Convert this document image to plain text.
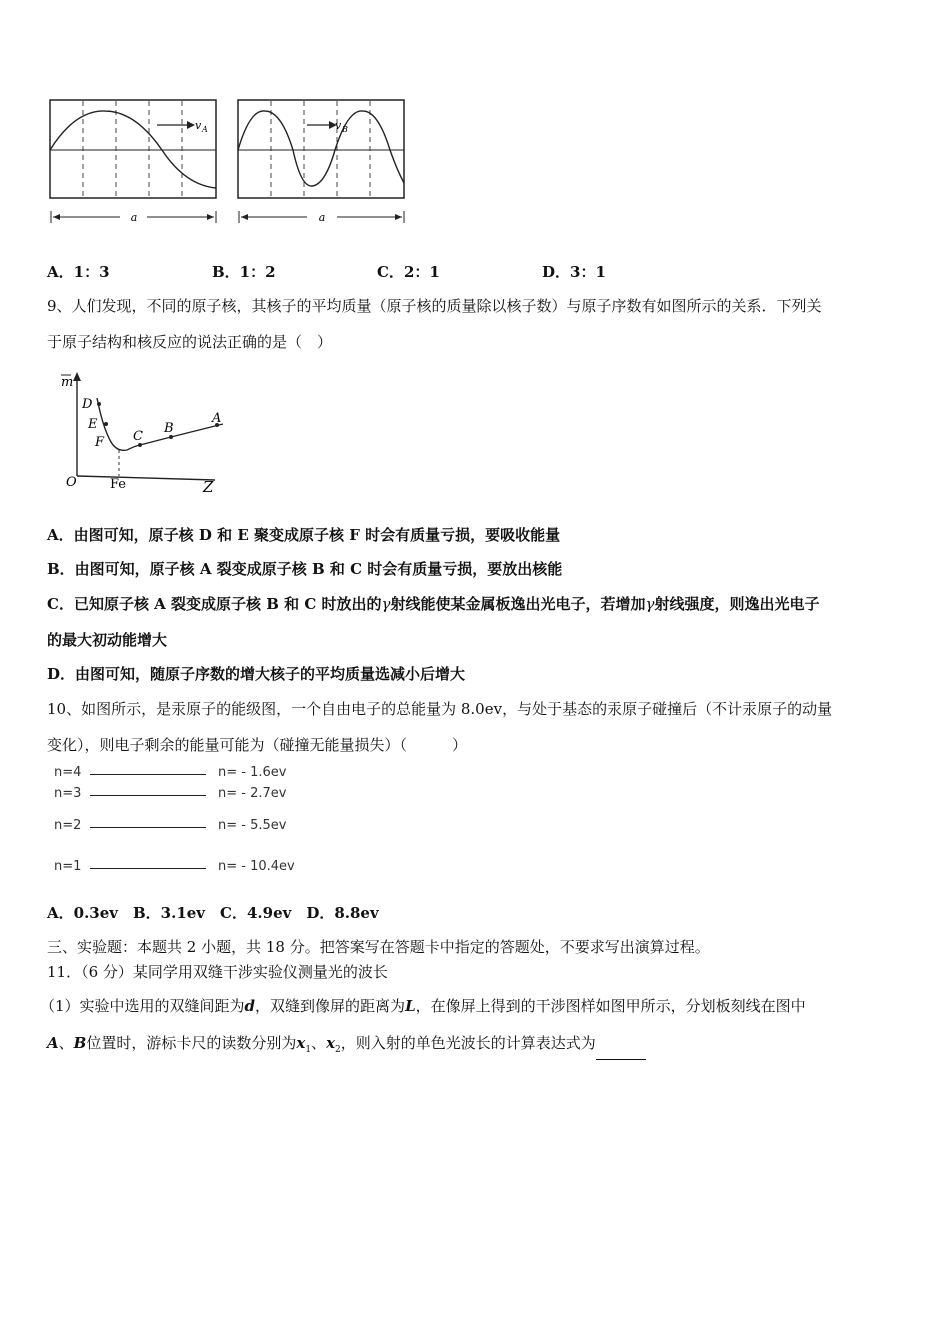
v A
a
v B
a
A．1：3	B．1：2	C．2：1	D．3：1
9、人们发现，不同的原子核，其核子的平均质量（原子核的质量除以核子数）与原子序数有如图所示的关系．下列关
于原子结构和核反应的说法正确的是（　）
m
Z
O	Fe
D
E
F C
B
A
A．由图可知，原子核 D 和 E 聚变成原子核 F 时会有质量亏损，要吸收能量
B．由图可知，原子核 A 裂变成原子核 B 和 C 时会有质量亏损，要放出核能
C．已知原子核 A 裂变成原子核 B 和 C 时放出的γ射线能使某金属板逸出光电子，若增加γ射线强度，则逸出光电子
的最大初动能增大
D．由图可知，随原子序数的增大核子的平均质量选减小后增大
10、如图所示，是汞原子的能级图，一个自由电子的总能量为 8.0ev，与处于基态的汞原子碰撞后（不计汞原子的动量
变化），则电子剩余的能量可能为（碰撞无能量损失）（　　　）
n=4	n= - 1.6ev
n=3	n= - 2.7ev
n=2	n= - 5.5ev
n=1	n= - 10.4ev
A．0.3ev　B．3.1ev　C．4.9ev　D．8.8ev
三、实验题：本题共 2 小题，共 18 分。把答案写在答题卡中指定的答题处，不要求写出演算过程。
11．（6 分）某同学用双缝干涉实验仪测量光的波长
（1）实验中选用的双缝间距为d，双缝到像屏的距离为L，在像屏上得到的干涉图样如图甲所示，分划板刻线在图中
A、B位置时，游标卡尺的读数分别为$x_1$、$x_2$，则入射的单色光波长的计算表达式为
